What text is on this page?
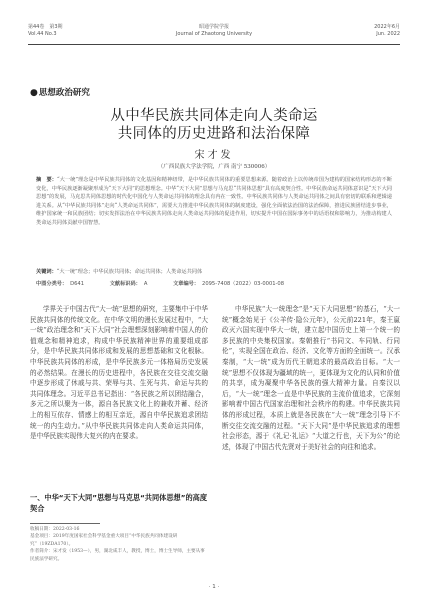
第44卷　第3期
Vol.44 No.3
昭通学院学报
Journal of Zhaotong University
2022年6月
Jun. 2022
●思想政治研究
从中华民族共同体走向人类命运
共同体的历史进路和法治保障
宋才发
（广西民族大学法学院，广西 南宁 530006）
摘　要：“大一统”理念是中华民族共同体的文化基因和精神纽带，是中华民族共同体的重要思想来源。随着政治上以传统帝国为建构的国家结构形态的不断变化，中华民族逐渐凝聚形成为“天下大同”的思想理念。中华“天下大同”思想与马克思“共同体思想”具有高度契合性。中华民族命运共同体意识是“天下大同思想”的发展，马克思共同体思想的时代化中国化与人类命运共同体的理念具有内在一致性。中华民族共同体与人类命运共同体之间具有密切的联系和逻辑递进关系。从“中华民族共同体”走向“人类命运共同体”，需要大力推进中华民族共同体的制度建设，强化全面依法治国的法治保障，推进民族团结进步事业，维护国家统一和民族团结；切实发挥法治在中华民族共同体走向人类命运共同体的促进作用，切实提升中国在国际事务中的话语权和影响力，为推动构建人类命运共同体贡献中国智慧。
关键词：“大一统”理念；中华民族共同体；命运共同体；人类命运共同体
中图分类号： D641	文献标识码： A	文章编号： 2095-7408（2022）03-0001-08

学界关于中国古代“大一统”思想的研究，主要集中于中华民族共同体的传统文化。在中华文明的漫长发展过程中，“大一统”政治理念和“天下大同”社会理想深刻影响着中国人的价值观念和精神追求，构成中华民族精神世界的重要组成部分，是中华民族共同体形成和发展的思想基础和文化根脉。中华民族共同体的形成，是中华民族多元一体格局历史发展的必然结果。在漫长的历史进程中，各民族在交往交流交融中逐步形成了休戚与共、荣辱与共、生死与共、命运与共的共同体理念。习近平总书记指出：“各民族之所以团结融合，多元之所以聚为一体，源自各民族文化上的兼收并蓄、经济上的相互依存、情感上的相互亲近，源自中华民族追求团结统一的内生动力。”从中华民族共同体走向人类命运共同体，是中华民族实现伟大复兴的内在要求。

一、中华“天下大同”思想与马克思“共同体思想”的高度契合

收稿日期：2022-03-16

基金项目：2019年度国家社会科学基金重大项目“中华民族共同体建设研究”（19ZDA170）。

作者简介：宋才发（1953—），男，湖北咸丰人，教授，博士，博士生导师，主要从事民族法学研究。

中华民族“大一统理念”是“天下大同思想”的基石，“大一统”概念始见于《公羊传·隐公元年》，公元前221年，秦王嬴政灭六国实现中华大一统，建立起中国历史上第一个统一的多民族的中央集权国家。秦朝推行“书同文、车同轨、行同伦”，实现全国在政治、经济、文化等方面的全面统一。汉承秦制，“大一统”成为历代王朝追求的最高政治目标。“大一统”思想不仅体现为疆域的统一，更体现为文化的认同和价值的共享，成为凝聚中华各民族的强大精神力量。自秦汉以后，“大一统”理念一直是中华民族的主流价值追求，它深刻影响着中国古代国家治理和社会秩序的构建。中华民族共同体的形成过程，本质上就是各民族在“大一统”理念引导下不断交往交流交融的过程。“天下大同”是中华民族追求的理想社会形态，源于《礼记·礼运》“大道之行也，天下为公”的论述，体现了中国古代先贤对于美好社会的向往和追求。

· 1 ·
